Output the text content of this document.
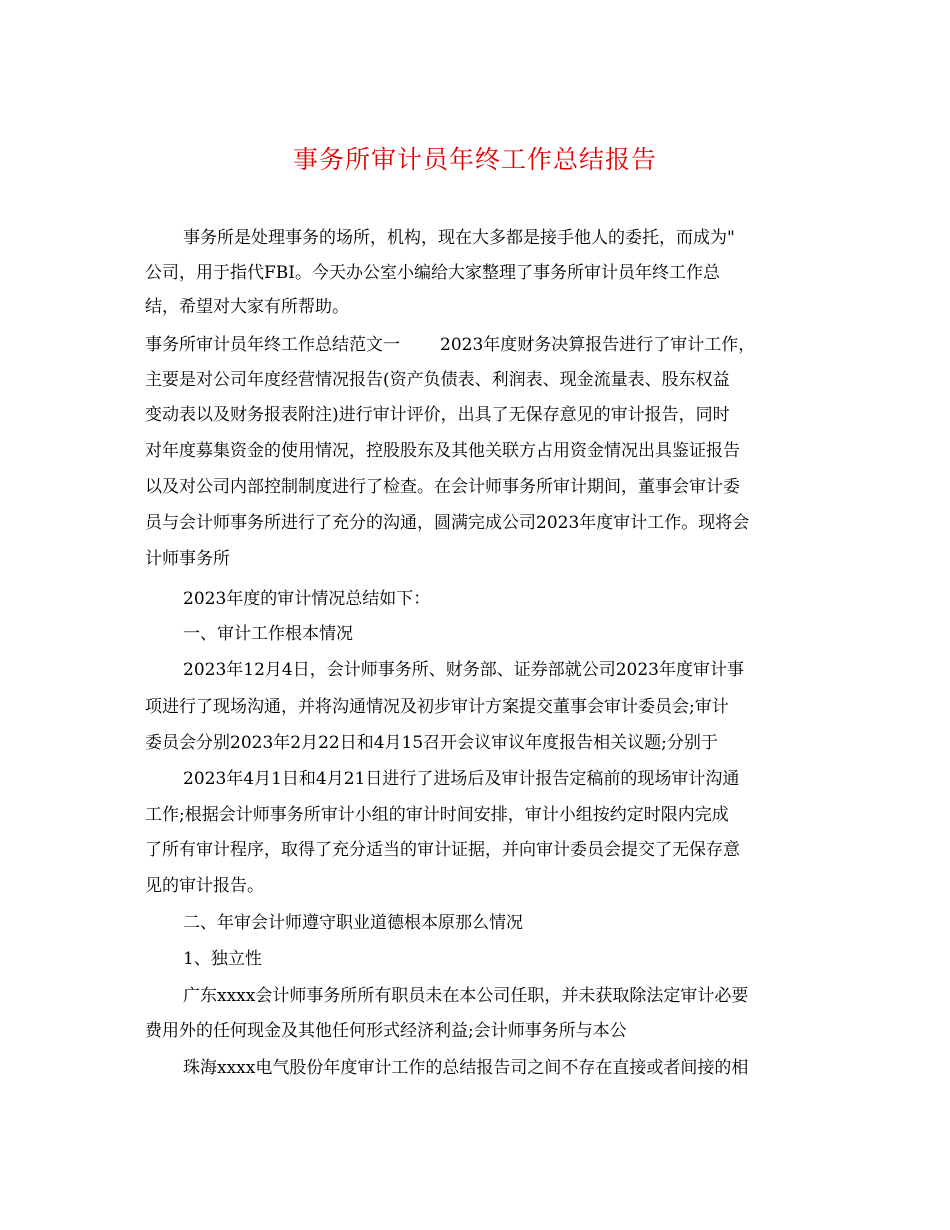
事务所审计员年终工作总结报告
事务所是处理事务的场所，机构，现在大多都是接手他人的委托，而成为"
公司，用于指代FBI。今天办公室小编给大家整理了事务所审计员年终工作总
结，希望对大家有所帮助。
事务所审计员年终工作总结范文一 2023年度财务决算报告进行了审计工作，
主要是对公司年度经营情况报告(资产负债表、利润表、现金流量表、股东权益
变动表以及财务报表附注)进行审计评价，出具了无保存意见的审计报告，同时
对年度募集资金的使用情况，控股股东及其他关联方占用资金情况出具鉴证报告
以及对公司内部控制制度进行了检查。在会计师事务所审计期间，董事会审计委
员与会计师事务所进行了充分的沟通，圆满完成公司2023年度审计工作。现将会
计师事务所
2023年度的审计情况总结如下：
一、审计工作根本情况
2023年12月4日，会计师事务所、财务部、证券部就公司2023年度审计事
项进行了现场沟通，并将沟通情况及初步审计方案提交董事会审计委员会;审计
委员会分别2023年2月22日和4月15召开会议审议年度报告相关议题;分别于
2023年4月1日和4月21日进行了进场后及审计报告定稿前的现场审计沟通
工作;根据会计师事务所审计小组的审计时间安排，审计小组按约定时限内完成
了所有审计程序，取得了充分适当的审计证据，并向审计委员会提交了无保存意
见的审计报告。
二、年审会计师遵守职业道德根本原那么情况
1、独立性
广东xxxx会计师事务所所有职员未在本公司任职，并未获取除法定审计必要
费用外的任何现金及其他任何形式经济利益;会计师事务所与本公
珠海xxxx电气股份年度审计工作的总结报告司之间不存在直接或者间接的相
